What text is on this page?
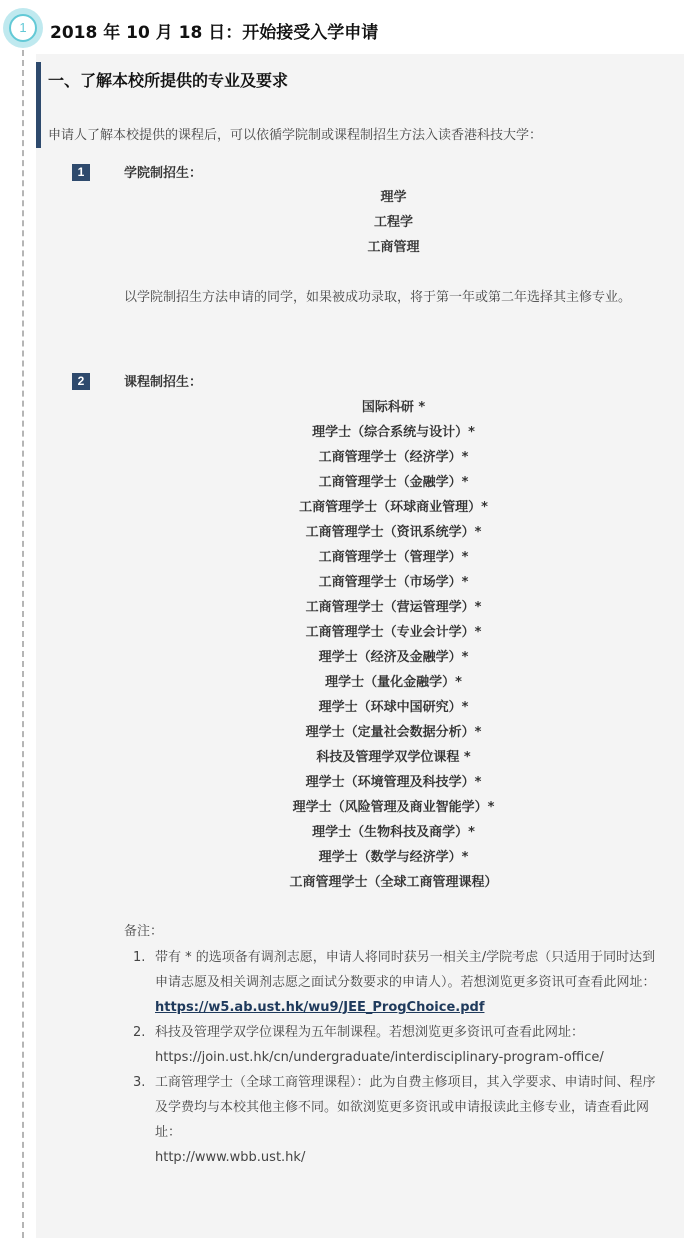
1	2018 年 10 月 18 日：开始接受入学申请
一、了解本校所提供的专业及要求
申请人了解本校提供的课程后，可以依循学院制或课程制招生方法入读香港科技大学：
1	学院制招生：
理学
工程学
工商管理
以学院制招生方法申请的同学，如果被成功录取，将于第一年或第二年选择其主修专业。
2	课程制招生：
国际科研 *
理学士（综合系统与设计）*
工商管理学士（经济学）*
工商管理学士（金融学）*
工商管理学士（环球商业管理）*
工商管理学士（资讯系统学）*
工商管理学士（管理学）*
工商管理学士（市场学）*
工商管理学士（营运管理学）*
工商管理学士（专业会计学）*
理学士（经济及金融学）*
理学士（量化金融学）*
理学士（环球中国研究）*
理学士（定量社会数据分析）*
科技及管理学双学位课程 *
理学士（环境管理及科技学）*
理学士（风险管理及商业智能学）*
理学士（生物科技及商学）*
理学士（数学与经济学）*
工商管理学士（全球工商管理课程）
备注：
1. 带有 * 的选项备有调剂志愿，申请人将同时获另一相关主/学院考虑（只适用于同时达到申请志愿及相关调剂志愿之面试分数要求的申请人）。若想浏览更多资讯可查看此网址：
https://w5.ab.ust.hk/wu9/JEE_ProgChoice.pdf
2. 科技及管理学双学位课程为五年制课程。若想浏览更多资讯可查看此网址：
https://join.ust.hk/cn/undergraduate/interdisciplinary-program-office/
3. 工商管理学士（全球工商管理课程）：此为自费主修项目，其入学要求、申请时间、程序及学费均与本校其他主修不同。如欲浏览更多资讯或申请报读此主修专业，请查看此网址：
http://www.wbb.ust.hk/
